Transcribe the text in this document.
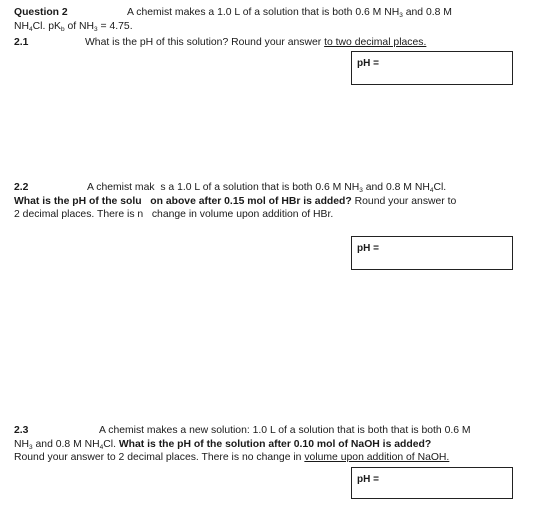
Question 2	A chemist makes a 1.0 L of a solution that is both 0.6 M $NH_3$ and 0.8 M
$NH_4Cl$. $pK_b$ of $NH_3 = 4.75$.
2.1	What is the pH of this solution? Round your answer to two decimal places.
pH =
2.2	A chemist mak s a 1.0 L of a solution that is both 0.6 M $NH_3$ and 0.8 M $NH_4Cl$.
What is the pH of the solu on above after 0.15 mol of HBr is added? Round your answer to
2 decimal places. There is n   change in volume upon addition of HBr.
pH =
2.3	A chemist makes a new solution: 1.0 L of a solution that is both that is both 0.6 M
$NH_3$ and 0.8 M $NH_4Cl$. What is the pH of the solution after 0.10 mol of NaOH is added?
Round your answer to 2 decimal places. There is no change in volume upon addition of NaOH.
pH =
